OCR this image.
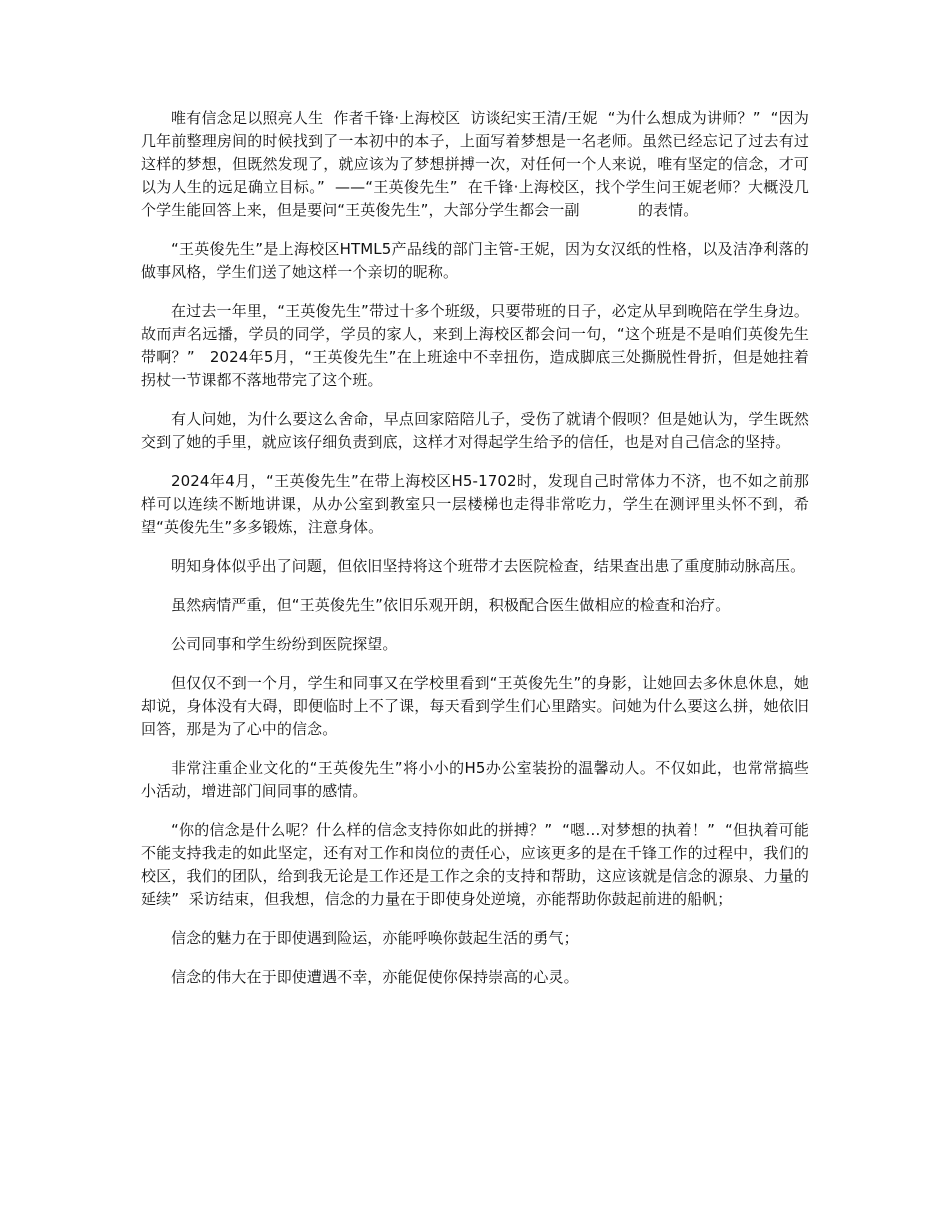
唯有信念足以照亮人生  作者千锋·上海校区  访谈纪实王清/王妮  “为什么想成为讲师？”  “因为几年前整理房间的时候找到了一本初中的本子，上面写着梦想是一名老师。虽然已经忘记了过去有过这样的梦想，但既然发现了，就应该为了梦想拼搏一次，对任何一个人来说，唯有坚定的信念，才可以为人生的远足确立目标。”  ——“王英俊先生”  在千锋·上海校区，找个学生问王妮老师？大概没几个学生能回答上来，但是要问“王英俊先生”，大部分学生都会一副            的表情。

“王英俊先生”是上海校区HTML5产品线的部门主管-王妮，因为女汉纸的性格，以及洁净利落的做事风格，学生们送了她这样一个亲切的昵称。

在过去一年里，“王英俊先生”带过十多个班级，只要带班的日子，必定从早到晚陪在学生身边。故而声名远播，学员的同学，学员的家人，来到上海校区都会问一句，“这个班是不是咱们英俊先生带啊？”   2024年5月，“王英俊先生”在上班途中不幸扭伤，造成脚底三处撕脱性骨折，但是她拄着拐杖一节课都不落地带完了这个班。

有人问她，为什么要这么舍命，早点回家陪陪儿子，受伤了就请个假呗？但是她认为，学生既然交到了她的手里，就应该仔细负责到底，这样才对得起学生给予的信任，也是对自己信念的坚持。

2024年4月，“王英俊先生”在带上海校区H5-1702时，发现自己时常体力不济，也不如之前那样可以连续不断地讲课，从办公室到教室只一层楼梯也走得非常吃力，学生在测评里头怀不到，希望“英俊先生”多多锻炼，注意身体。

明知身体似乎出了问题，但依旧坚持将这个班带才去医院检查，结果查出患了重度肺动脉高压。

虽然病情严重，但“王英俊先生”依旧乐观开朗，积极配合医生做相应的检查和治疗。

公司同事和学生纷纷到医院探望。

但仅仅不到一个月，学生和同事又在学校里看到“王英俊先生”的身影，让她回去多休息休息，她却说，身体没有大碍，即便临时上不了课，每天看到学生们心里踏实。问她为什么要这么拼，她依旧回答，那是为了心中的信念。

非常注重企业文化的“王英俊先生”将小小的H5办公室装扮的温馨动人。不仅如此，也常常搞些小活动，增进部门间同事的感情。

“你的信念是什么呢？什么样的信念支持你如此的拼搏？”  “嗯…对梦想的执着！”  “但执着可能不能支持我走的如此坚定，还有对工作和岗位的责任心，应该更多的是在千锋工作的过程中，我们的校区，我们的团队，给到我无论是工作还是工作之余的支持和帮助，这应该就是信念的源泉、力量的延续”  采访结束，但我想，信念的力量在于即使身处逆境，亦能帮助你鼓起前进的船帆；

信念的魅力在于即使遇到险运，亦能呼唤你鼓起生活的勇气；

信念的伟大在于即使遭遇不幸，亦能促使你保持崇高的心灵。
